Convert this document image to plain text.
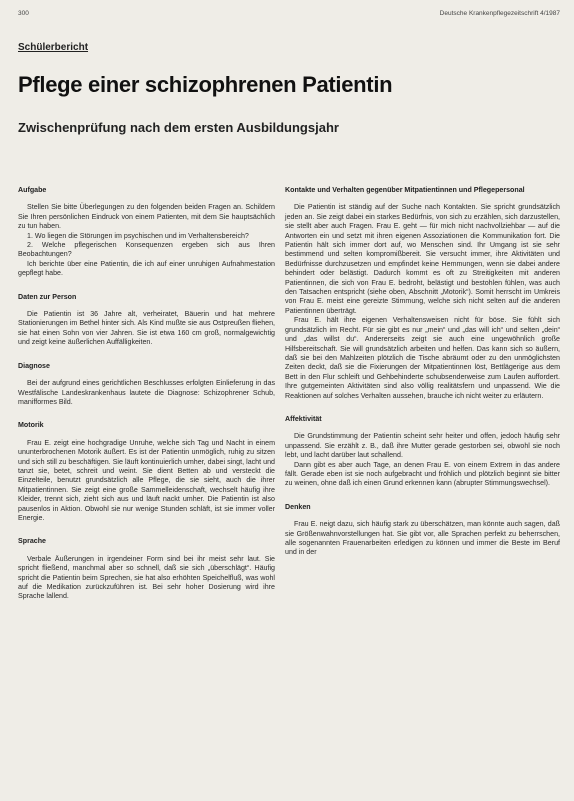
300	Deutsche Krankenpflegezeitschrift 4/1987
Schülerbericht
Pflege einer schizophrenen Patientin
Zwischenprüfung nach dem ersten Ausbildungsjahr
Aufgabe

Stellen Sie bitte Überlegungen zu den folgenden beiden Fragen an. Schildern Sie Ihren persönlichen Eindruck von einem Patienten, mit dem Sie hauptsächlich zu tun haben.

1. Wo liegen die Störungen im psychischen und im Verhaltensbereich?

2. Welche pflegerischen Konsequenzen ergeben sich aus Ihren Beobachtungen?

Ich berichte über eine Patientin, die ich auf einer unruhigen Aufnahmestation gepflegt habe.

Daten zur Person

Die Patientin ist 36 Jahre alt, verheiratet, Bäuerin und hat mehrere Stationierungen im Bethel hinter sich. Als Kind mußte sie aus Ostpreußen fliehen, sie hat einen Sohn von vier Jahren. Sie ist etwa 160 cm groß, normalgewichtig und zeigt keine äußerlichen Auffälligkeiten.

Diagnose

Bei der aufgrund eines gerichtlichen Beschlusses erfolgten Einlieferung in das Westfälische Landeskrankenhaus lautete die Diagnose: Schizophrener Schub, manifformes Bild.

Motorik

Frau E. zeigt eine hochgradige Unruhe, welche sich Tag und Nacht in einem ununterbrochenen Motorik äußert. Es ist der Patientin unmöglich, ruhig zu sitzen und sich still zu beschäftigen. Sie läuft kontinuierlich umher, dabei singt, lacht und tanzt sie, betet, schreit und weint. Sie dient Betten ab und versteckt die Einzelteile, benutzt grundsätzlich alle Pflege, die sie sieht, auch die ihrer Mitpatientinnen. Sie zeigt eine große Sammelleidenschaft, wechselt häufig ihre Kleider, trennt sich, zieht sich aus und läuft nackt umher. Die Patientin ist also pausenlos in Aktion. Obwohl sie nur wenige Stunden schläft, ist sie immer voller Energie.

Sprache

Verbale Äußerungen in irgendeiner Form sind bei ihr meist sehr laut. Sie spricht fließend, manchmal aber so schnell, daß sie sich „überschlägt“. Häufig spricht die Patientin beim Sprechen, sie hat also erhöhten Speichelfluß, was wohl auf die Medikation zurückzuführen ist. Bei sehr hoher Dosierung wird ihre Sprache lallend.

Kontakte und Verhalten gegenüber Mitpatientinnen und Pflegepersonal

Die Patientin ist ständig auf der Suche nach Kontakten. Sie spricht grundsätzlich jeden an. Sie zeigt dabei ein starkes Bedürfnis, von sich zu erzählen, sich darzustellen, sie stellt aber auch Fragen. Frau E. geht — für mich nicht nachvollziehbar — auf die Antworten ein und setzt mit ihren eigenen Assoziationen die Kommunikation fort. Die Patientin hält sich immer dort auf, wo Menschen sind. Ihr Umgang ist sie sehr bestimmend und selten kompromißbereit. Sie versucht immer, ihre Aktivitäten und Bedürfnisse durchzusetzen und empfindet keine Hemmungen, wenn sie dabei andere behindert oder belästigt. Dadurch kommt es oft zu Streitigkeiten mit anderen Patientinnen, die sich von Frau E. bedroht, belästigt und bestohlen fühlen, was auch den Tatsachen entspricht (siehe oben, Abschnitt „Motorik“). Somit herrscht im Umkreis von Frau E. meist eine gereizte Stimmung, welche sich nicht selten auf die anderen Patientinnen überträgt.

Frau E. hält ihre eigenen Verhaltensweisen nicht für böse. Sie fühlt sich grundsätzlich im Recht. Für sie gibt es nur „mein“ und „das will ich“ und selten „dein“ und „das willst du“. Andererseits zeigt sie auch eine ungewöhnlich große Hilfsbereitschaft. Sie will grundsätzlich arbeiten und helfen. Das kann sich so äußern, daß sie bei den Mahlzeiten plötzlich die Tische abräumt oder zu den unmöglichsten Zeiten deckt, daß sie die Fixierungen der Mitpatientinnen löst, Bettlägerige aus dem Bett in den Flur schleift und Gehbehinderte schubsenderweise zum Laufen auffordert. Ihre gutgemeinten Aktivitäten sind also völlig realitätsfern und unpassend. Wie die Reaktionen auf solches Verhalten aussehen, brauche ich nicht weiter zu erläutern.

Affektivität

Die Grundstimmung der Patientin scheint sehr heiter und offen, jedoch häufig sehr unpassend. Sie erzählt z. B., daß ihre Mutter gerade gestorben sei, obwohl sie noch lebt, und lacht darüber laut schallend.

Dann gibt es aber auch Tage, an denen Frau E. von einem Extrem in das andere fällt. Gerade eben ist sie noch aufgebracht und fröhlich und plötzlich beginnt sie bitter zu weinen, ohne daß ich einen Grund erkennen kann (abrupter Stimmungswechsel).

Denken

Frau E. neigt dazu, sich häufig stark zu überschätzen, man könnte auch sagen, daß sie Größenwahnvorstellungen hat. Sie gibt vor, alle Sprachen perfekt zu beherrschen, alle sogenannten Frauenarbeiten erledigen zu können und immer die Beste im Beruf und in der
